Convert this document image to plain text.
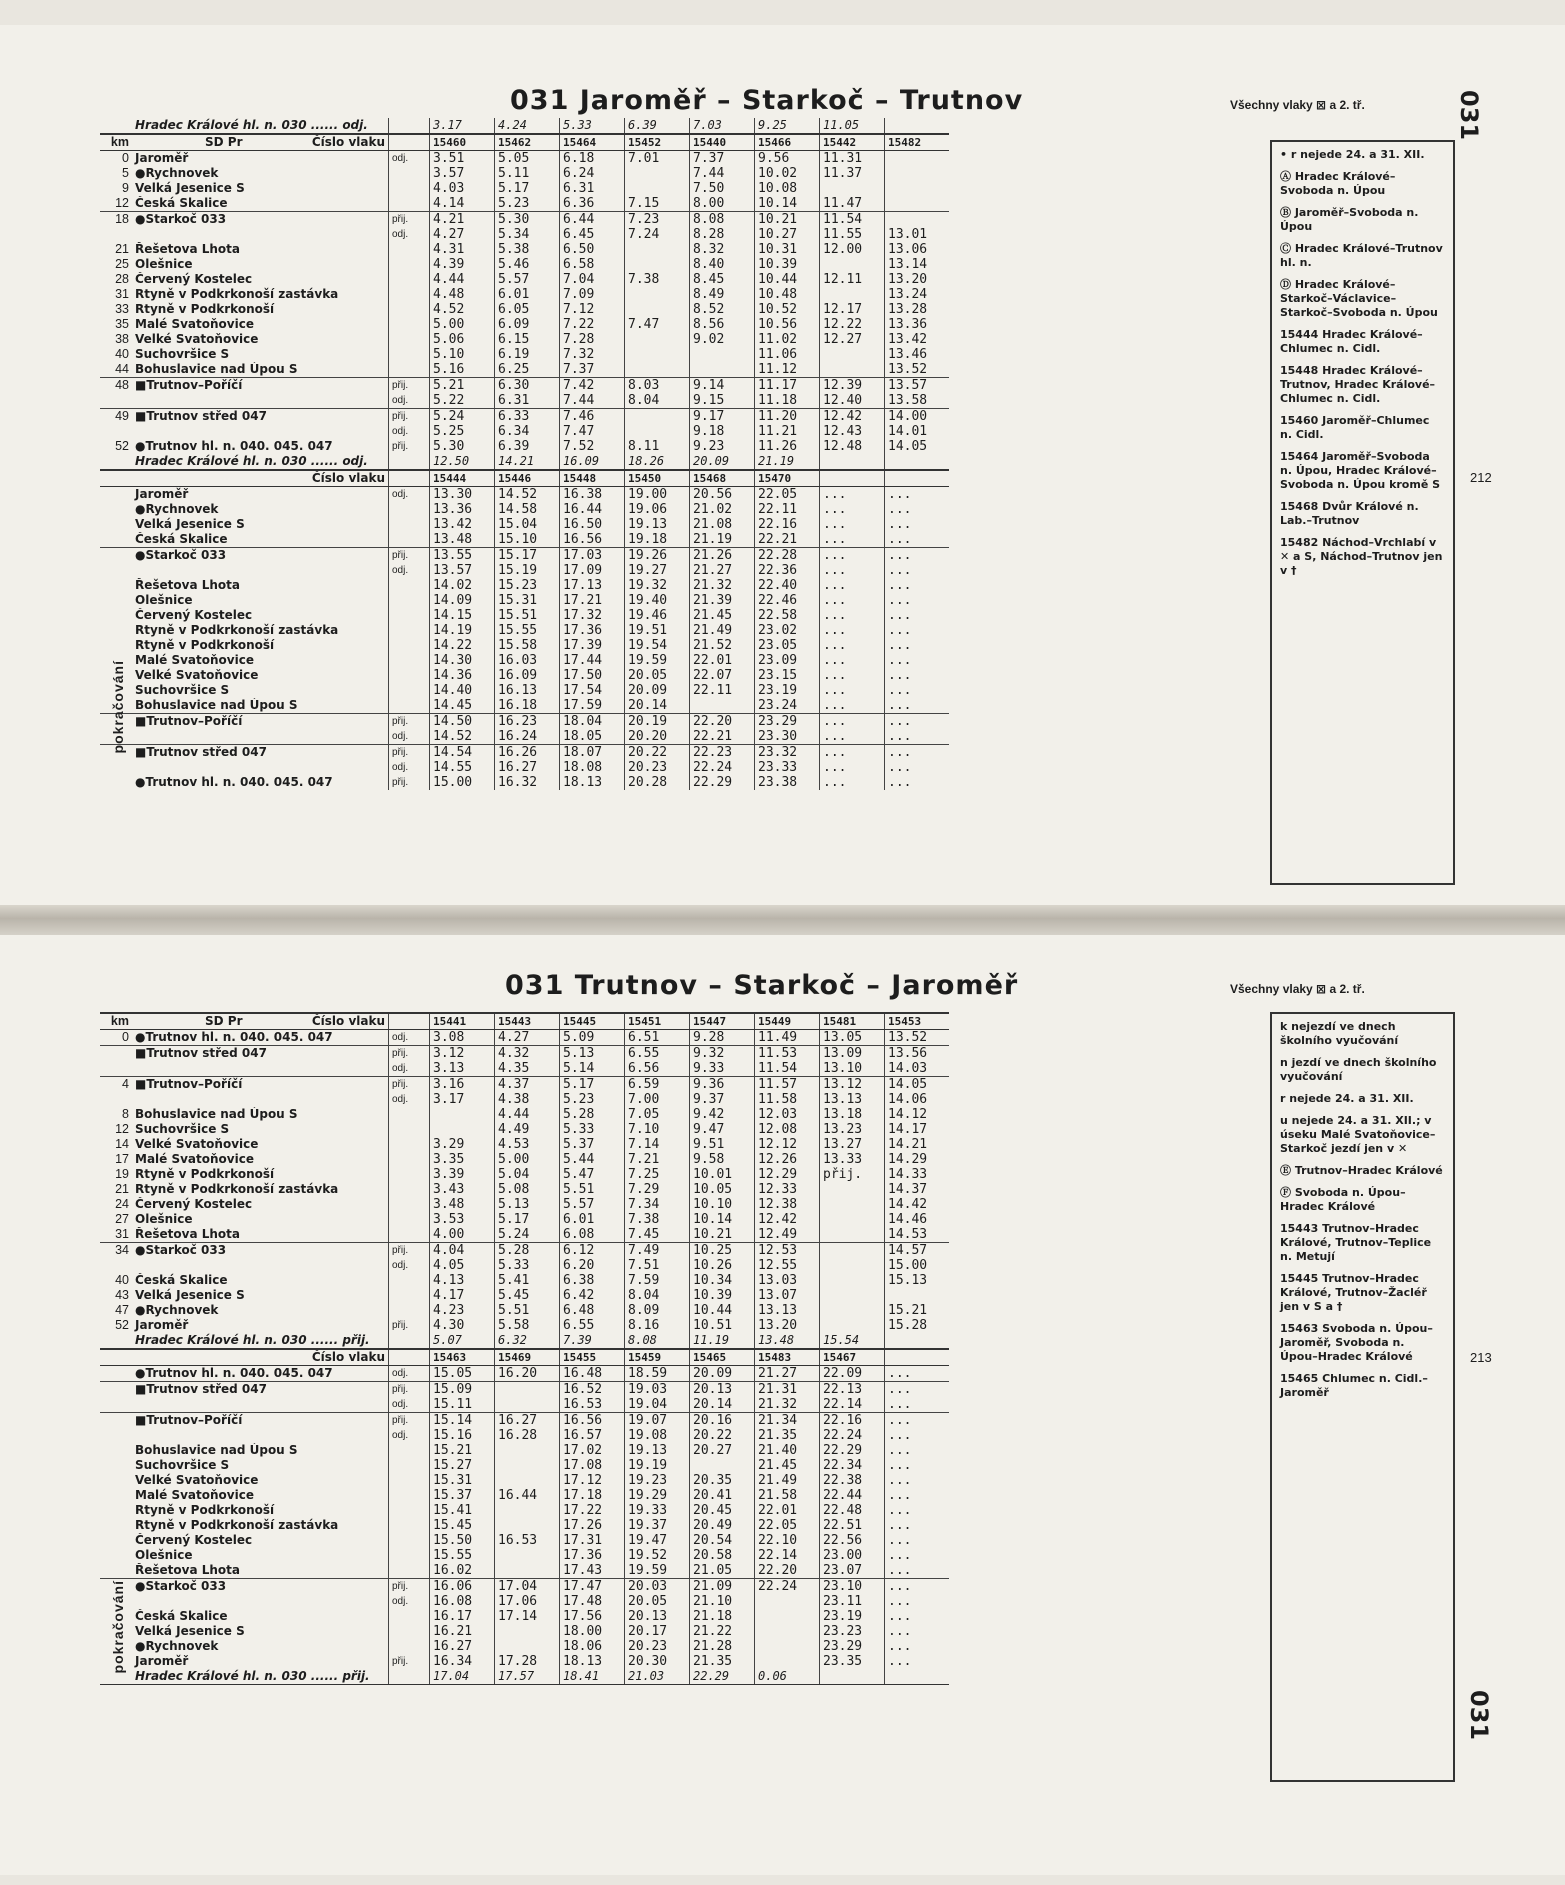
031 Jaroměř – Starkoč – Trutnov	Všechny vlaky ⊠ a 2. tř.	031
212
	Hradec Králové hl. n. 030 ...... odj.		3.17	4.24	5.33	6.39	7.03	9.25	11.05	
km	SD Pr Číslo vlaku		15460	15462	15464	15452	15440	15466	15442	15482
0	Jaroměř	odj.	3.51	5.05	6.18	7.01	7.37	9.56	11.31	
5	●Rychnovek		3.57	5.11	6.24		7.44	10.02	11.37	
9	Velká Jesenice S		4.03	5.17	6.31		7.50	10.08		
12	Česká Skalice		4.14	5.23	6.36	7.15	8.00	10.14	11.47	
18	●Starkoč 033	přij.	4.21	5.30	6.44	7.23	8.08	10.21	11.54	
		odj.	4.27	5.34	6.45	7.24	8.28	10.27	11.55	13.01
21	Řešetova Lhota		4.31	5.38	6.50		8.32	10.31	12.00	13.06
25	Olešnice		4.39	5.46	6.58		8.40	10.39		13.14
28	Červený Kostelec		4.44	5.57	7.04	7.38	8.45	10.44	12.11	13.20
31	Rtyně v Podkrkonoší zastávka		4.48	6.01	7.09		8.49	10.48		13.24
33	Rtyně v Podkrkonoší		4.52	6.05	7.12		8.52	10.52	12.17	13.28
35	Malé Svatoňovice		5.00	6.09	7.22	7.47	8.56	10.56	12.22	13.36
38	Velké Svatoňovice		5.06	6.15	7.28		9.02	11.02	12.27	13.42
40	Suchovršice S		5.10	6.19	7.32			11.06		13.46
44	Bohuslavice nad Úpou S		5.16	6.25	7.37			11.12		13.52
48	■Trutnov–Poříčí	přij.	5.21	6.30	7.42	8.03	9.14	11.17	12.39	13.57
		odj.	5.22	6.31	7.44	8.04	9.15	11.18	12.40	13.58
49	■Trutnov střed 047	přij.	5.24	6.33	7.46		9.17	11.20	12.42	14.00
		odj.	5.25	6.34	7.47		9.18	11.21	12.43	14.01
52	●Trutnov hl. n. 040. 045. 047	přij.	5.30	6.39	7.52	8.11	9.23	11.26	12.48	14.05
	Hradec Králové hl. n. 030 ...... odj.		12.50	14.21	16.09	18.26	20.09	21.19		

	Číslo vlaku		15444	15446	15448	15450	15468	15470		
	Jaroměř	odj.	13.30	14.52	16.38	19.00	20.56	22.05	...	...
	●Rychnovek		13.36	14.58	16.44	19.06	21.02	22.11	...	...
	Velká Jesenice S		13.42	15.04	16.50	19.13	21.08	22.16	...	...
	Česká Skalice		13.48	15.10	16.56	19.18	21.19	22.21	...	...
	●Starkoč 033	přij.	13.55	15.17	17.03	19.26	21.26	22.28	...	...
		odj.	13.57	15.19	17.09	19.27	21.27	22.36	...	...
	Řešetova Lhota		14.02	15.23	17.13	19.32	21.32	22.40	...	...
	Olešnice		14.09	15.31	17.21	19.40	21.39	22.46	...	...
	Červený Kostelec		14.15	15.51	17.32	19.46	21.45	22.58	...	...
	Rtyně v Podkrkonoší zastávka		14.19	15.55	17.36	19.51	21.49	23.02	...	...
	Rtyně v Podkrkonoší		14.22	15.58	17.39	19.54	21.52	23.05	...	...
	Malé Svatoňovice		14.30	16.03	17.44	19.59	22.01	23.09	...	...
	Velké Svatoňovice		14.36	16.09	17.50	20.05	22.07	23.15	...	...
	Suchovršice S		14.40	16.13	17.54	20.09	22.11	23.19	...	...
	Bohuslavice nad Úpou S		14.45	16.18	17.59	20.14		23.24	...	...
	■Trutnov–Poříčí	přij.	14.50	16.23	18.04	20.19	22.20	23.29	...	...
		odj.	14.52	16.24	18.05	20.20	22.21	23.30	...	...
	■Trutnov střed 047	přij.	14.54	16.26	18.07	20.22	22.23	23.32	...	...
		odj.	14.55	16.27	18.08	20.23	22.24	23.33	...	...
	●Trutnov hl. n. 040. 045. 047	přij.	15.00	16.32	18.13	20.28	22.29	23.38	...	...
pokračování
• r nejede 24. a 31. XII.
Ⓐ Hradec Králové–Svoboda n. Úpou
Ⓑ Jaroměř–Svoboda n. Úpou
Ⓒ Hradec Králové–Trutnov hl. n.
Ⓓ Hradec Králové–Starkoč–Václavice–Starkoč–Svoboda n. Úpou
15444 Hradec Králové–Chlumec n. Cidl.
15448 Hradec Králové–Trutnov, Hradec Králové–Chlumec n. Cidl.
15460 Jaroměř–Chlumec n. Cidl.
15464 Jaroměř–Svoboda n. Úpou, Hradec Králové–Svoboda n. Úpou kromě S
15468 Dvůr Králové n. Lab.–Trutnov
15482 Náchod–Vrchlabí v ✕ a S, Náchod–Trutnov jen v †
031 Trutnov – Starkoč – Jaroměř	Všechny vlaky ⊠ a 2. tř.
031
213
km	SD Pr Číslo vlaku		15441	15443	15445	15451	15447	15449	15481	15453
0	●Trutnov hl. n. 040. 045. 047	odj.	3.08	4.27	5.09	6.51	9.28	11.49	13.05	13.52
	■Trutnov střed 047	přij.	3.12	4.32	5.13	6.55	9.32	11.53	13.09	13.56
		odj.	3.13	4.35	5.14	6.56	9.33	11.54	13.10	14.03
4	■Trutnov–Poříčí	přij.	3.16	4.37	5.17	6.59	9.36	11.57	13.12	14.05
		odj.	3.17	4.38	5.23	7.00	9.37	11.58	13.13	14.06
8	Bohuslavice nad Úpou S			4.44	5.28	7.05	9.42	12.03	13.18	14.12
12	Suchovršice S			4.49	5.33	7.10	9.47	12.08	13.23	14.17
14	Velké Svatoňovice		3.29	4.53	5.37	7.14	9.51	12.12	13.27	14.21
17	Malé Svatoňovice		3.35	5.00	5.44	7.21	9.58	12.26	13.33	14.29
19	Rtyně v Podkrkonoší		3.39	5.04	5.47	7.25	10.01	12.29	přij.	14.33
21	Rtyně v Podkrkonoší zastávka		3.43	5.08	5.51	7.29	10.05	12.33		14.37
24	Červený Kostelec		3.48	5.13	5.57	7.34	10.10	12.38		14.42
27	Olešnice		3.53	5.17	6.01	7.38	10.14	12.42		14.46
31	Řešetova Lhota		4.00	5.24	6.08	7.45	10.21	12.49		14.53
34	●Starkoč 033	přij.	4.04	5.28	6.12	7.49	10.25	12.53		14.57
		odj.	4.05	5.33	6.20	7.51	10.26	12.55		15.00
40	Česká Skalice		4.13	5.41	6.38	7.59	10.34	13.03		15.13
43	Velká Jesenice S		4.17	5.45	6.42	8.04	10.39	13.07		
47	●Rychnovek		4.23	5.51	6.48	8.09	10.44	13.13		15.21
52	Jaroměř	přij.	4.30	5.58	6.55	8.16	10.51	13.20		15.28
	Hradec Králové hl. n. 030 ...... přij.		5.07	6.32	7.39	8.08	11.19	13.48	15.54	

	Číslo vlaku		15463	15469	15455	15459	15465	15483	15467	
	●Trutnov hl. n. 040. 045. 047	odj.	15.05	16.20	16.48	18.59	20.09	21.27	22.09	...
	■Trutnov střed 047	přij.	15.09		16.52	19.03	20.13	21.31	22.13	...
		odj.	15.11		16.53	19.04	20.14	21.32	22.14	...
	■Trutnov–Poříčí	přij.	15.14	16.27	16.56	19.07	20.16	21.34	22.16	...
		odj.	15.16	16.28	16.57	19.08	20.22	21.35	22.24	...
	Bohuslavice nad Úpou S		15.21		17.02	19.13	20.27	21.40	22.29	...
	Suchovršice S		15.27		17.08	19.19		21.45	22.34	...
	Velké Svatoňovice		15.31		17.12	19.23	20.35	21.49	22.38	...
	Malé Svatoňovice		15.37	16.44	17.18	19.29	20.41	21.58	22.44	...
	Rtyně v Podkrkonoší		15.41		17.22	19.33	20.45	22.01	22.48	...
	Rtyně v Podkrkonoší zastávka		15.45		17.26	19.37	20.49	22.05	22.51	...
	Červený Kostelec		15.50	16.53	17.31	19.47	20.54	22.10	22.56	...
	Olešnice		15.55		17.36	19.52	20.58	22.14	23.00	...
	Řešetova Lhota		16.02		17.43	19.59	21.05	22.20	23.07	...
	●Starkoč 033	přij.	16.06	17.04	17.47	20.03	21.09	22.24	23.10	...
		odj.	16.08	17.06	17.48	20.05	21.10		23.11	...
	Česká Skalice		16.17	17.14	17.56	20.13	21.18		23.19	...
	Velká Jesenice S		16.21		18.00	20.17	21.22		23.23	...
	●Rychnovek		16.27		18.06	20.23	21.28		23.29	...
	Jaroměř	přij.	16.34	17.28	18.13	20.30	21.35		23.35	...
	Hradec Králové hl. n. 030 ...... přij.		17.04	17.57	18.41	21.03	22.29	0.06		
pokračování
k nejezdí ve dnech školního vyučování
n jezdí ve dnech školního vyučování
r nejede 24. a 31. XII.
u nejede 24. a 31. XII.; v úseku Malé Svatoňovice–Starkoč jezdí jen v ✕
Ⓔ Trutnov–Hradec Králové
Ⓕ Svoboda n. Úpou–Hradec Králové
15443 Trutnov–Hradec Králové, Trutnov–Teplice n. Metují
15445 Trutnov–Hradec Králové, Trutnov–Žacléř jen v S a †
15463 Svoboda n. Úpou–Jaroměř, Svoboda n. Úpou–Hradec Králové
15465 Chlumec n. Cidl.–Jaroměř
